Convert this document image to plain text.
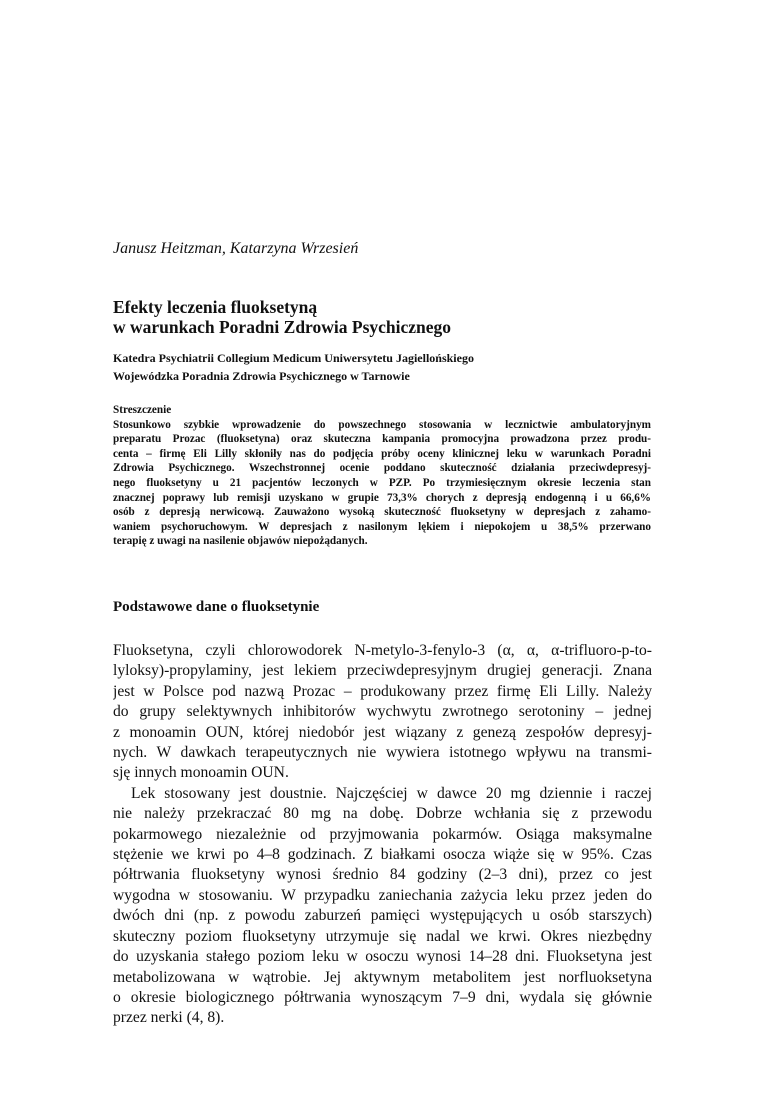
Janusz Heitzman, Katarzyna Wrzesień
Efekty leczenia fluoksetyną
w warunkach Poradni Zdrowia Psychicznego
Katedra Psychiatrii Collegium Medicum Uniwersytetu Jagiellońskiego
Wojewódzka Poradnia Zdrowia Psychicznego w Tarnowie
Streszczenie
Stosunkowo szybkie wprowadzenie do powszechnego stosowania w lecznictwie ambulatoryjnym
preparatu Prozac (fluoksetyna) oraz skuteczna kampania promocyjna prowadzona przez produ-
centa – firmę Eli Lilly skłoniły nas do podjęcia próby oceny klinicznej leku w warunkach Poradni
Zdrowia Psychicznego. Wszechstronnej ocenie poddano skuteczność działania przeciwdepresyj-
nego fluoksetyny u 21 pacjentów leczonych w PZP. Po trzymiesięcznym okresie leczenia stan
znacznej poprawy lub remisji uzyskano w grupie 73,3% chorych z depresją endogenną i u 66,6%
osób z depresją nerwicową. Zauważono wysoką skuteczność fluoksetyny w depresjach z zahamo-
waniem psychoruchowym. W depresjach z nasilonym lękiem i niepokojem u 38,5% przerwano
terapię z uwagi na nasilenie objawów niepożądanych.
Podstawowe dane o fluoksetynie
Fluoksetyna, czyli chlorowodorek N-metylo-3-fenylo-3 (α, α, α-trifluoro-p-to-
lyloksy)-propylaminy, jest lekiem przeciwdepresyjnym drugiej generacji. Znana
jest w Polsce pod nazwą Prozac – produkowany przez firmę Eli Lilly. Należy
do grupy selektywnych inhibitorów wychwytu zwrotnego serotoniny – jednej
z monoamin OUN, której niedobór jest wiązany z genezą zespołów depresyj-
nych. W dawkach terapeutycznych nie wywiera istotnego wpływu na transmi-
sję innych monoamin OUN.
Lek stosowany jest doustnie. Najczęściej w dawce 20 mg dziennie i raczej
nie należy przekraczać 80 mg na dobę. Dobrze wchłania się z przewodu
pokarmowego niezależnie od przyjmowania pokarmów. Osiąga maksymalne
stężenie we krwi po 4–8 godzinach. Z białkami osocza wiąże się w 95%. Czas
półtrwania fluoksetyny wynosi średnio 84 godziny (2–3 dni), przez co jest
wygodna w stosowaniu. W przypadku zaniechania zażycia leku przez jeden do
dwóch dni (np. z powodu zaburzeń pamięci występujących u osób starszych)
skuteczny poziom fluoksetyny utrzymuje się nadal we krwi. Okres niezbędny
do uzyskania stałego poziom leku w osoczu wynosi 14–28 dni. Fluoksetyna jest
metabolizowana w wątrobie. Jej aktywnym metabolitem jest norfluoksetyna
o okresie biologicznego półtrwania wynoszącym 7–9 dni, wydala się głównie
przez nerki (4, 8).
